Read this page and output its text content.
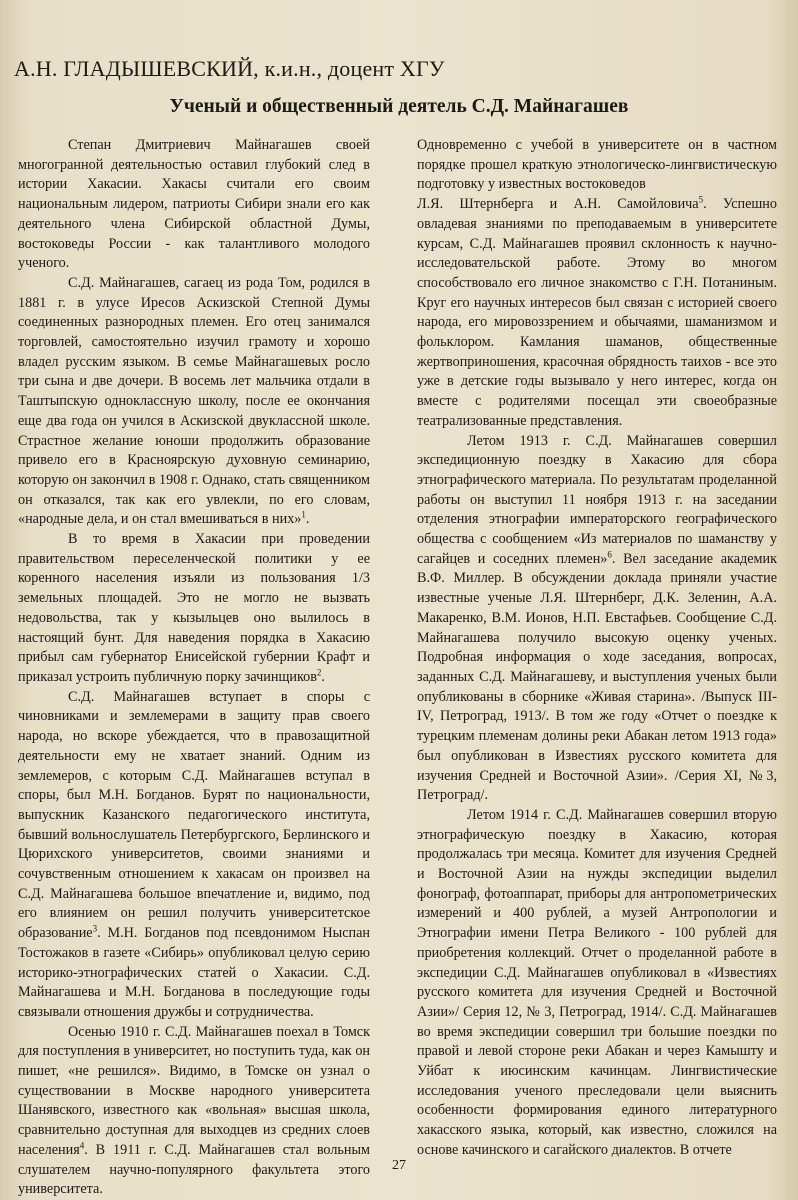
А.Н. ГЛАДЫШЕВСКИЙ, к.и.н., доцент ХГУ
Ученый и общественный деятель С.Д. Майнагашев

Степан Дмитриевич Майнагашев своей многогранной деятельностью оставил глубокий след в истории Хакасии. Хакасы считали его своим национальным лидером, патриоты Сибири знали его как деятельного члена Сибирской областной Думы, востоковеды России - как талантливого молодого ученого.

С.Д. Майнагашев, сагаец из рода Том, родился в 1881 г. в улусе Иресов Аскизской Степной Думы соединенных разнородных племен. Его отец занимался торговлей, самостоятельно изучил грамоту и хорошо владел русским языком. В семье Майнагашевых росло три сына и две дочери. В восемь лет мальчика отдали в Таштыпскую одноклассную школу, после ее окончания еще два года он учился в Аскизской двуклассной школе. Страстное желание юноши продолжить образование привело его в Красноярскую духовную семинарию, которую он закончил в 1908 г. Однако, стать священником он отказался, так как его увлекли, по его словам, «народные дела, и он стал вмешиваться в них»$^1$.

В то время в Хакасии при проведении правительством переселенческой политики у ее коренного населения изъяли из пользования 1/3 земельных площадей. Это не могло не вызвать недовольства, так у кызыльцев оно вылилось в настоящий бунт. Для наведения порядка в Хакасию прибыл сам губернатор Енисейской губернии Крафт и приказал устроить публичную порку зачинщиков$^2$.

С.Д. Майнагашев вступает в споры с чиновниками и землемерами в защиту прав своего народа, но вскоре убеждается, что в правозащитной деятельности ему не хватает знаний. Одним из землемеров, с которым С.Д. Майнагашев вступал в споры, был М.Н. Богданов. Бурят по национальности, выпускник Казанского педагогического института, бывший вольнослушатель Петербургского, Берлинского и Цюрихского университетов, своими знаниями и сочувственным отношением к хакасам он произвел на С.Д. Майнагашева большое впечатление и, видимо, под его влиянием он решил получить университетское образование$^3$. М.Н. Богданов под псевдонимом Ныспан Тостожаков в газете «Сибирь» опубликовал целую серию историко-этнографических статей о Хакасии. С.Д. Майнагашева и М.Н. Богданова в последующие годы связывали отношения дружбы и сотрудничества.

Осенью 1910 г. С.Д. Майнагашев поехал в Томск для поступления в университет, но поступить туда, как он пишет, «не решился». Видимо, в Томске он узнал о существовании в Москве народного университета Шанявского, известного как «вольная» высшая школа, сравнительно доступная для выходцев из средних слоев населения$^4$. В 1911 г. С.Д. Майнагашев стал вольным слушателем научно-популярного факультета этого университета.

Одновременно с учебой в университете он в частном порядке прошел краткую этнологическо-лингвистическую подготовку у известных востоковедов

Л.Я. Штернберга и А.Н. Самойловича$^5$. Успешно овладевая знаниями по преподаваемым в университете курсам, С.Д. Майнагашев проявил склонность к научно-исследовательской работе. Этому во многом способствовало его личное знакомство с Г.Н. Потаниным. Круг его научных интересов был связан с историей своего народа, его мировоззрением и обычаями, шаманизмом и фольклором. Камлания шаманов, общественные жертвоприношения, красочная обрядность таихов - все это уже в детские годы вызывало у него интерес, когда он вместе с родителями посещал эти своеобразные театрализованные представления.

Летом 1913 г. С.Д. Майнагашев совершил экспедиционную поездку в Хакасию для сбора этнографического материала. По результатам проделанной работы он выступил 11 ноября 1913 г. на заседании отделения этнографии императорского географического общества с сообщением «Из материалов по шаманству у сагайцев и соседних племен»$^6$. Вел заседание академик В.Ф. Миллер. В обсуждении доклада приняли участие известные ученые Л.Я. Штернберг, Д.К. Зеленин, А.А. Макаренко, В.М. Ионов, Н.П. Евстафьев. Сообщение С.Д. Майнагашева получило высокую оценку ученых. Подробная информация о ходе заседания, вопросах, заданных С.Д. Майнагашеву, и выступления ученых были опубликованы в сборнике «Живая старина». /Выпуск III-IV, Петроград, 1913/. В том же году «Отчет о поездке к турецким племенам долины реки Абакан летом 1913 года» был опубликован в Известиях русского комитета для изучения Средней и Восточной Азии». /Серия XI, №3, Петроград/.

Летом 1914 г. С.Д. Майнагашев совершил вторую этнографическую поездку в Хакасию, которая продолжалась три месяца. Комитет для изучения Средней и Восточной Азии на нужды экспедиции выделил фонограф, фотоаппарат, приборы для антропометрических измерений и 400 рублей, а музей Антропологии и Этнографии имени Петра Великого - 100 рублей для приобретения коллекций. Отчет о проделанной работе в экспедиции С.Д. Майнагашев опубликовал в «Известиях русского комитета для изучения Средней и Восточной Азии»/ Серия 12, № 3, Петроград, 1914/. С.Д. Майнагашев во время экспедиции совершил три большие поездки по правой и левой стороне реки Абакан и через Камышту и Уйбат к июсинским качинцам. Лингвистические исследования ученого преследовали цели выяснить особенности формирования единого литературного хакасского языка, который, как известно, сложился на основе качинского и сагайского диалектов. В отчете

27
